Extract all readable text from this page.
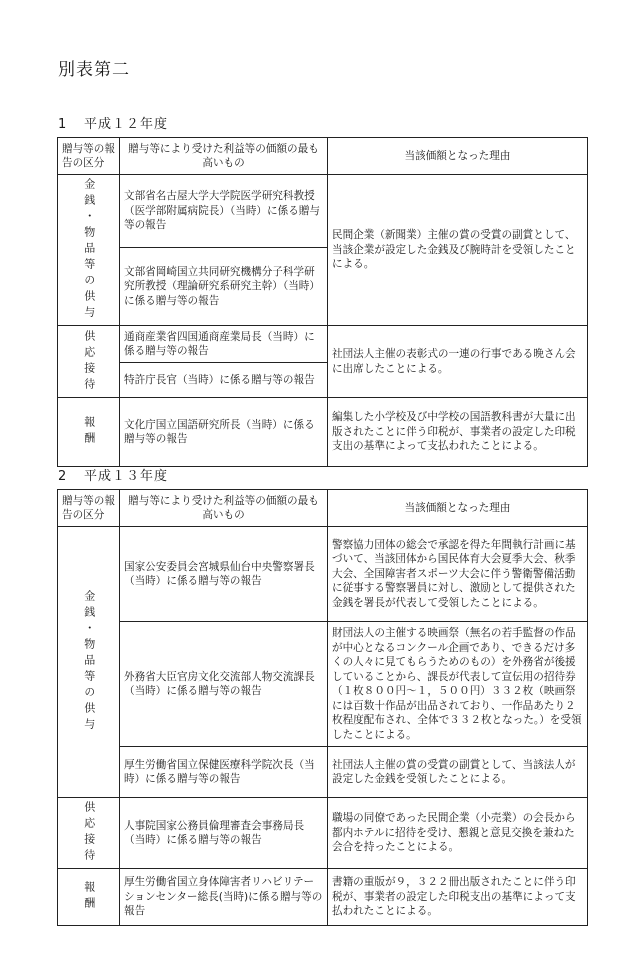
別表第二
1 平成１２年度
贈与等の報告の区分	贈与等により受けた利益等の価額の最も高いもの	当該価額となった理由
金銭・物品等の供与	文部省名古屋大学大学院医学研究科教授（医学部附属病院長）（当時）に係る贈与等の報告	民間企業（新聞業）主催の賞の受賞の副賞として、当該企業が設定した金銭及び腕時計を受領したことによる。
	文部省岡崎国立共同研究機構分子科学研究所教授（理論研究系研究主幹）（当時）に係る贈与等の報告	
供応接待	通商産業省四国通商産業局長（当時）に係る贈与等の報告	社団法人主催の表彰式の一連の行事である晩さん会に出席したことによる。
	特許庁長官（当時）に係る贈与等の報告	
報酬	文化庁国立国語研究所長（当時）に係る贈与等の報告	編集した小学校及び中学校の国語教科書が大量に出版されたことに伴う印税が、事業者の設定した印税支出の基準によって支払われたことによる。
2 平成１３年度
贈与等の報告の区分	贈与等により受けた利益等の価額の最も高いもの	当該価額となった理由
金銭・物品等の供与	国家公安委員会宮城県仙台中央警察署長（当時）に係る贈与等の報告	警察協力団体の総会で承認を得た年間執行計画に基づいて、当該団体から国民体育大会夏季大会、秋季大会、全国障害者スポーツ大会に伴う警衛警備活動に従事する警察署員に対し、激励として提供された金銭を署長が代表して受領したことによる。
	外務省大臣官房文化交流部人物交流課長（当時）に係る贈与等の報告	財団法人の主催する映画祭（無名の若手監督の作品が中心となるコンクール企画であり、できるだけ多くの人々に見てもらうためのもの）を外務省が後援していることから、課長が代表して宣伝用の招待券（１枚８００円～１，５００円）３３２枚（映画祭には百数十作品が出品されており、一作品あたり２枚程度配布され、全体で３３２枚となった。）を受領したことによる。
	厚生労働省国立保健医療科学院次長（当時）に係る贈与等の報告	社団法人主催の賞の受賞の副賞として、当該法人が設定した金銭を受領したことによる。
供応接待	人事院国家公務員倫理審査会事務局長（当時）に係る贈与等の報告	職場の同僚であった民間企業（小売業）の会長から都内ホテルに招待を受け、懇親と意見交換を兼ねた会合を持ったことによる。
報酬	厚生労働省国立身体障害者リハビリテーションセンター総長(当時)に係る贈与等の報告	書籍の重版が９，３２２冊出版されたことに伴う印税が、事業者の設定した印税支出の基準によって支払われたことによる。
